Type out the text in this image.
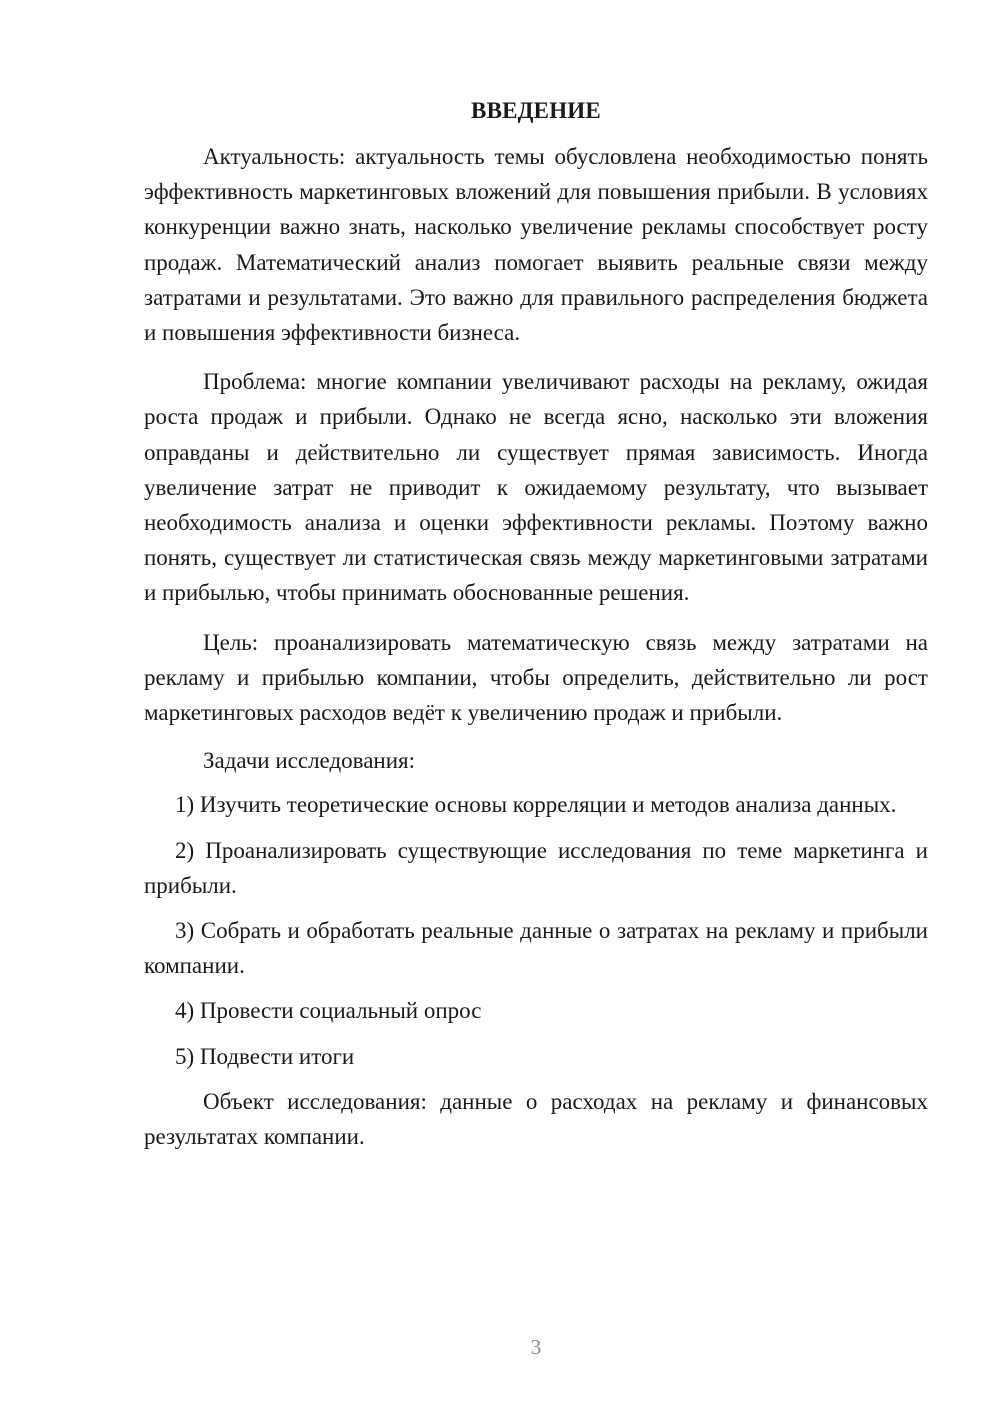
ВВЕДЕНИЕ

Актуальность: актуальность темы обусловлена необходимостью понять эффективность маркетинговых вложений для повышения прибыли. В условиях конкуренции важно знать, насколько увеличение рекламы способствует росту продаж. Математический анализ помогает выявить реальные связи между затратами и результатами. Это важно для правильного распределения бюджета и повышения эффективности бизнеса.

Проблема: многие компании увеличивают расходы на рекламу, ожидая роста продаж и прибыли. Однако не всегда ясно, насколько эти вложения оправданы и действительно ли существует прямая зависимость. Иногда увеличение затрат не приводит к ожидаемому результату, что вызывает необходимость анализа и оценки эффективности рекламы. Поэтому важно понять, существует ли статистическая связь между маркетинговыми затратами и прибылью, чтобы принимать обоснованные решения.

Цель: проанализировать математическую связь между затратами на рекламу и прибылью компании, чтобы определить, действительно ли рост маркетинговых расходов ведёт к увеличению продаж и прибыли.

Задачи исследования:

1) Изучить теоретические основы корреляции и методов анализа данных.
2) Проанализировать существующие исследования по теме маркетинга и прибыли.
3) Собрать и обработать реальные данные о затратах на рекламу и прибыли компании.
4) Провести социальный опрос
5) Подвести итоги

Объект исследования: данные о расходах на рекламу и финансовых результатах компании.

3
